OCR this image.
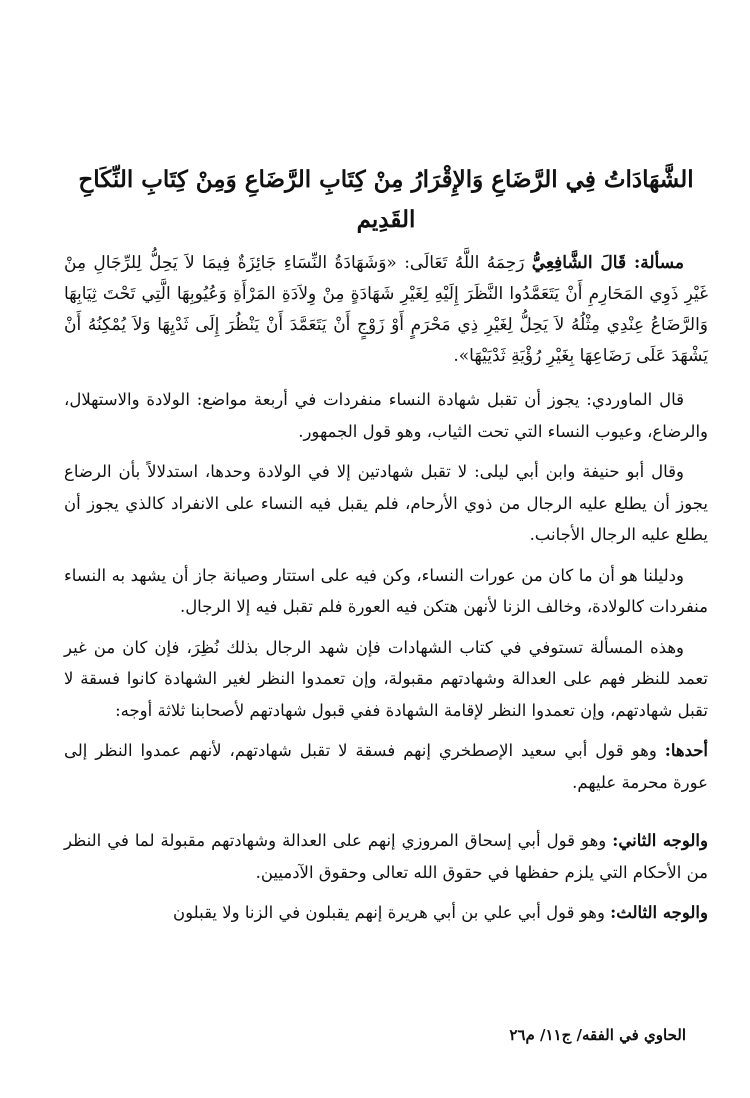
الشَّهَادَاتُ فِي الرَّضَاعِ وَالإِقْرَارُ مِنْ كِتَابِ الرَّضَاعِ وَمِنْ كِتَابِ النِّكَاحِ القَدِيم

مسألة: قَالَ الشَّافِعِيُّ رَحِمَهُ اللَّهُ تَعَالَى: «وَشَهَادَةُ النِّسَاءِ جَائِزَةٌ فِيمَا لاَ يَحِلُّ لِلرِّجَالِ مِنْ غَيْرِ ذَوِي المَحَارِمِ أَنْ يَتَعَمَّدُوا النَّظَرَ إِلَيْهِ لِغَيْرِ شَهَادَةٍ مِنْ وِلاَدَةِ المَرْأَةِ وَعُيُوبِهَا الَّتِي تَحْتَ ثِيَابِهَا وَالرَّضَاعُ عِنْدِي مِثْلُهُ لاَ يَحِلُّ لِغَيْرِ ذِي مَحْرَمٍ أَوْ زَوْجٍ أَنْ يَتَعَمَّدَ أَنْ يَنْظُرَ إِلَى ثَدْيِهَا وَلاَ يُمْكِنُهُ أَنْ يَشْهَدَ عَلَى رَضَاعِهَا بِغَيْرِ رُؤْيَةِ ثَدْيَيْهَا».

قال الماوردي: يجوز أن تقبل شهادة النساء منفردات في أربعة مواضع: الولادة والاستهلال، والرضاع، وعيوب النساء التي تحت الثياب، وهو قول الجمهور.

وقال أبو حنيفة وابن أبي ليلى: لا تقبل شهادتين إلا في الولادة وحدها، استدلالاً بأن الرضاع يجوز أن يطلع عليه الرجال من ذوي الأرحام، فلم يقبل فيه النساء على الانفراد كالذي يجوز أن يطلع عليه الرجال الأجانب.

ودليلنا هو أن ما كان من عورات النساء، وكن فيه على استتار وصيانة جاز أن يشهد به النساء منفردات كالولادة، وخالف الزنا لأنهن هتكن فيه العورة فلم تقبل فيه إلا الرجال.

وهذه المسألة تستوفي في كتاب الشهادات فإن شهد الرجال بذلك نُظِرَ، فإن كان من غير تعمد للنظر فهم على العدالة وشهادتهم مقبولة، وإن تعمدوا النظر لغير الشهادة كانوا فسقة لا تقبل شهادتهم، وإن تعمدوا النظر لإقامة الشهادة ففي قبول شهادتهم لأصحابنا ثلاثة أوجه:

أحدها: وهو قول أبي سعيد الإصطخري إنهم فسقة لا تقبل شهادتهم، لأنهم عمدوا النظر إلى عورة محرمة عليهم.

والوجه الثاني: وهو قول أبي إسحاق المروزي إنهم على العدالة وشهادتهم مقبولة لما في النظر من الأحكام التي يلزم حفظها في حقوق الله تعالى وحقوق الآدميين.

والوجه الثالث: وهو قول أبي علي بن أبي هريرة إنهم يقبلون في الزنا ولا يقبلون

الحاوي في الفقه/ ج١١/ م٢٦
